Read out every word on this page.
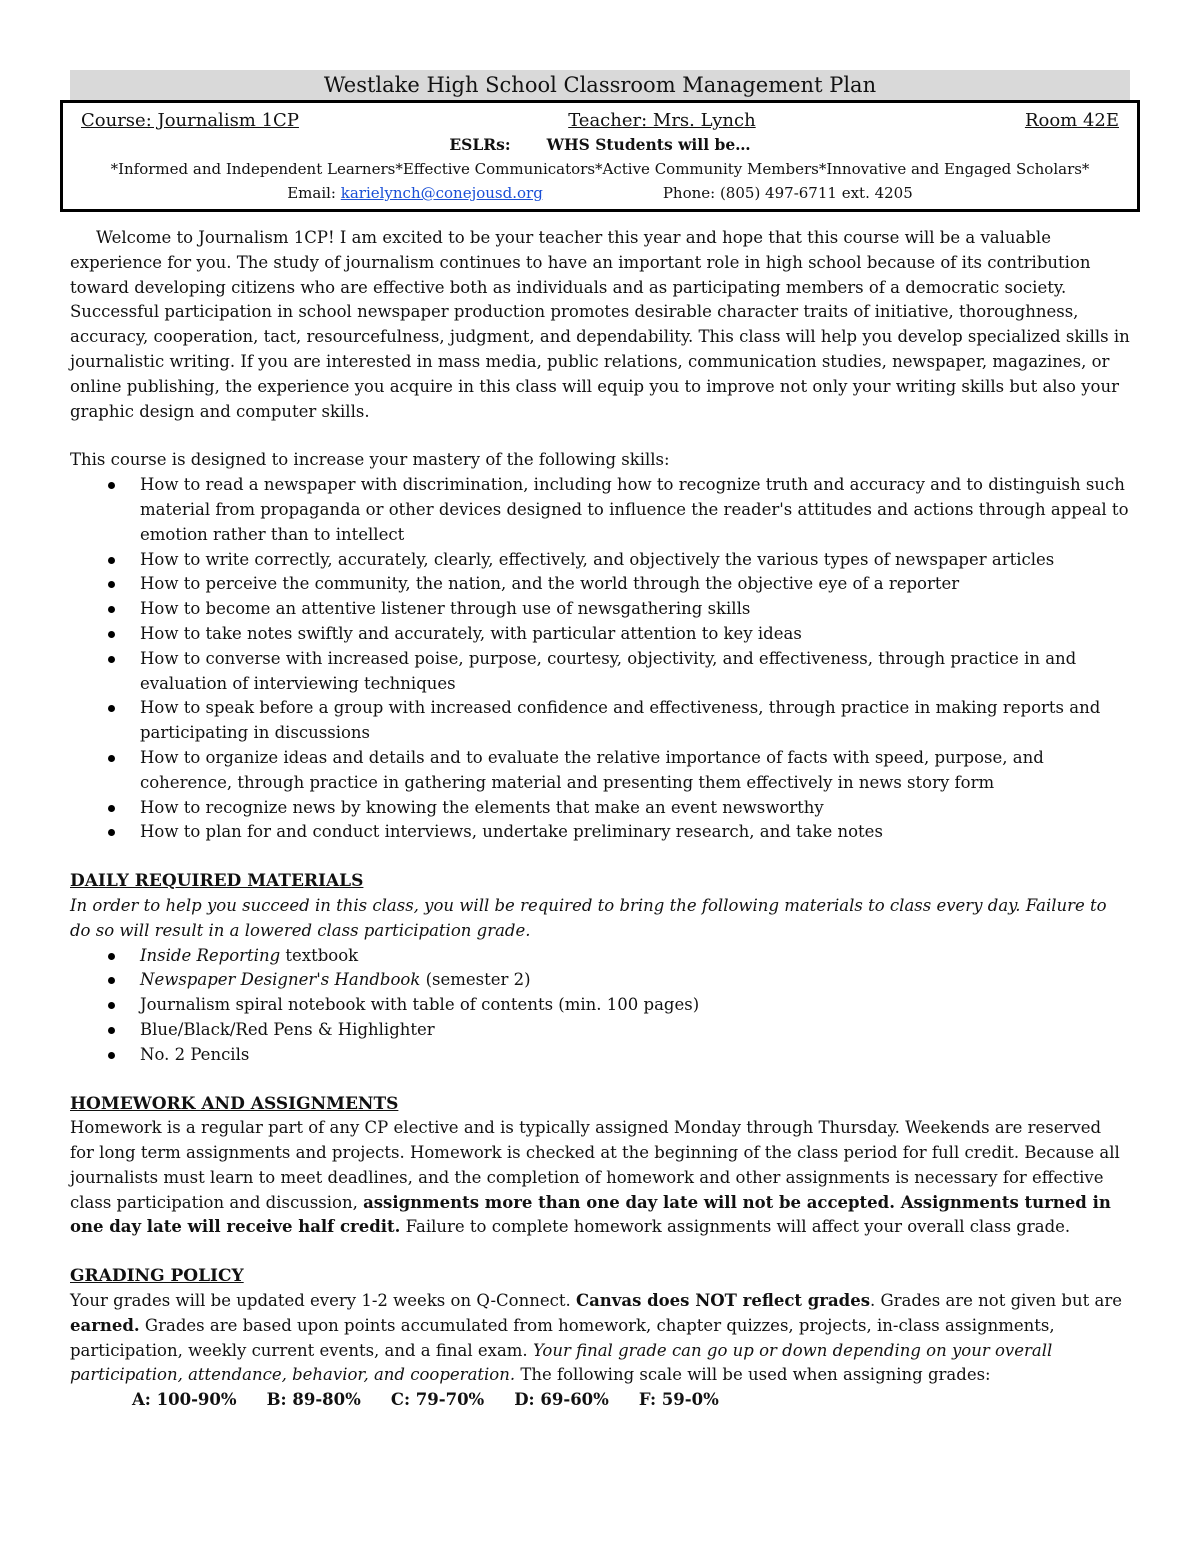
Westlake High School Classroom Management Plan
Course: Journalism 1CP	Teacher: Mrs. Lynch	Room 42E
ESLRs: WHS Students will be…
*Informed and Independent Learners*Effective Communicators*Active Community Members*Innovative and Engaged Scholars*
Email: karielynch@conejousd.org	Phone: (805) 497-6711 ext. 4205

Welcome to Journalism 1CP! I am excited to be your teacher this year and hope that this course will be a valuable experience for you. The study of journalism continues to have an important role in high school because of its contribution toward developing citizens who are effective both as individuals and as participating members of a democratic society. Successful participation in school newspaper production promotes desirable character traits of initiative, thoroughness, accuracy, cooperation, tact, resourcefulness, judgment, and dependability. This class will help you develop specialized skills in journalistic writing. If you are interested in mass media, public relations, communication studies, newspaper, magazines, or online publishing, the experience you acquire in this class will equip you to improve not only your writing skills but also your graphic design and computer skills.

This course is designed to increase your mastery of the following skills:

How to read a newspaper with discrimination, including how to recognize truth and accuracy and to distinguish such material from propaganda or other devices designed to influence the reader's attitudes and actions through appeal to emotion rather than to intellect
How to write correctly, accurately, clearly, effectively, and objectively the various types of newspaper articles
How to perceive the community, the nation, and the world through the objective eye of a reporter
How to become an attentive listener through use of newsgathering skills
How to take notes swiftly and accurately, with particular attention to key ideas
How to converse with increased poise, purpose, courtesy, objectivity, and effectiveness, through practice in and evaluation of interviewing techniques
How to speak before a group with increased confidence and effectiveness, through practice in making reports and participating in discussions
How to organize ideas and details and to evaluate the relative importance of facts with speed, purpose, and coherence, through practice in gathering material and presenting them effectively in news story form
How to recognize news by knowing the elements that make an event newsworthy
How to plan for and conduct interviews, undertake preliminary research, and take notes
DAILY REQUIRED MATERIALS

In order to help you succeed in this class, you will be required to bring the following materials to class every day. Failure to do so will result in a lowered class participation grade.

Inside Reporting textbook
Newspaper Designer's Handbook (semester 2)
Journalism spiral notebook with table of contents (min. 100 pages)
Blue/Black/Red Pens & Highlighter
No. 2 Pencils
HOMEWORK AND ASSIGNMENTS

Homework is a regular part of any CP elective and is typically assigned Monday through Thursday. Weekends are reserved for long term assignments and projects. Homework is checked at the beginning of the class period for full credit. Because all journalists must learn to meet deadlines, and the completion of homework and other assignments is necessary for effective class participation and discussion, assignments more than one day late will not be accepted. Assignments turned in one day late will receive half credit. Failure to complete homework assignments will affect your overall class grade.

GRADING POLICY

Your grades will be updated every 1-2 weeks on Q-Connect. Canvas does NOT reflect grades. Grades are not given but are earned. Grades are based upon points accumulated from homework, chapter quizzes, projects, in-class assignments, participation, weekly current events, and a final exam. Your final grade can go up or down depending on your overall participation, attendance, behavior, and cooperation. The following scale will be used when assigning grades:

A: 100-90% B: 89-80% C: 79-70% D: 69-60% F: 59-0%
